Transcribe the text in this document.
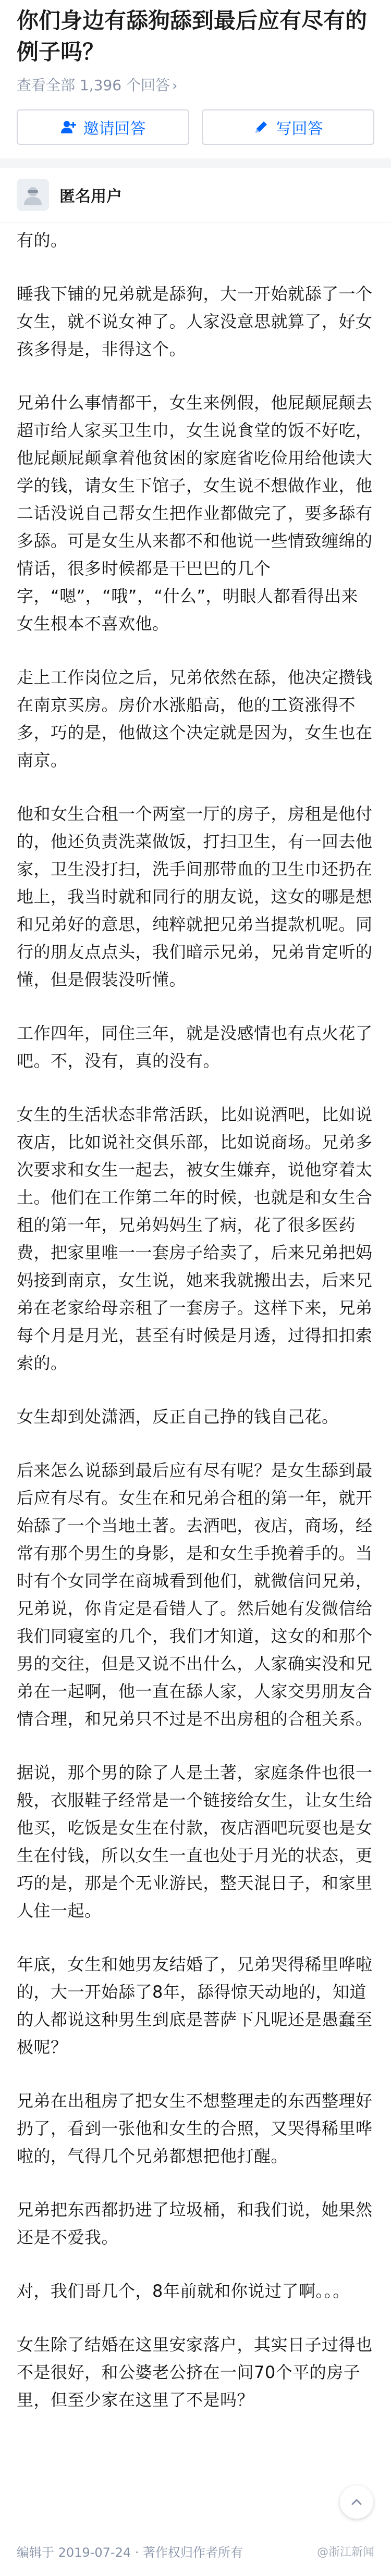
你们身边有舔狗舔到最后应有尽有的例子吗？
查看全部 1,396 个回答 ›
邀请回答	写回答
匿名用户

有的。

睡我下铺的兄弟就是舔狗，大一开始就舔了一个女生，就不说女神了。人家没意思就算了，好女孩多得是，非得这个。

兄弟什么事情都干，女生来例假，他屁颠屁颠去超市给人家买卫生巾，女生说食堂的饭不好吃，他屁颠屁颠拿着他贫困的家庭省吃俭用给他读大学的钱，请女生下馆子，女生说不想做作业，他二话没说自己帮女生把作业都做完了，要多舔有多舔。可是女生从来都不和他说一些情致缠绵的情话，很多时候都是干巴巴的几个字，“嗯”，“哦”，“什么”，明眼人都看得出来女生根本不喜欢他。

走上工作岗位之后，兄弟依然在舔，他决定攒钱在南京买房。房价水涨船高，他的工资涨得不多，巧的是，他做这个决定就是因为，女生也在南京。

他和女生合租一个两室一厅的房子，房租是他付的，他还负责洗菜做饭，打扫卫生，有一回去他家，卫生没打扫，洗手间那带血的卫生巾还扔在地上，我当时就和同行的朋友说，这女的哪是想和兄弟好的意思，纯粹就把兄弟当提款机呢。同行的朋友点点头，我们暗示兄弟，兄弟肯定听的懂，但是假装没听懂。

工作四年，同住三年，就是没感情也有点火花了吧。不，没有，真的没有。

女生的生活状态非常活跃，比如说酒吧，比如说夜店，比如说社交俱乐部，比如说商场。兄弟多次要求和女生一起去，被女生嫌弃，说他穿着太土。他们在工作第二年的时候，也就是和女生合租的第一年，兄弟妈妈生了病，花了很多医药费，把家里唯一一套房子给卖了，后来兄弟把妈妈接到南京，女生说，她来我就搬出去，后来兄弟在老家给母亲租了一套房子。这样下来，兄弟每个月是月光，甚至有时候是月透，过得扣扣索索的。

女生却到处潇洒，反正自己挣的钱自己花。

后来怎么说舔到最后应有尽有呢？是女生舔到最后应有尽有。女生在和兄弟合租的第一年，就开始舔了一个当地土著。去酒吧，夜店，商场，经常有那个男生的身影，是和女生手挽着手的。当时有个女同学在商城看到他们，就微信问兄弟，兄弟说，你肯定是看错人了。然后她有发微信给我们同寝室的几个，我们才知道，这女的和那个男的交往，但是又说不出什么，人家确实没和兄弟在一起啊，他一直在舔人家，人家交男朋友合情合理，和兄弟只不过是不出房租的合租关系。

据说，那个男的除了人是土著，家庭条件也很一般，衣服鞋子经常是一个链接给女生，让女生给他买，吃饭是女生在付款，夜店酒吧玩耍也是女生在付钱，所以女生一直也处于月光的状态，更巧的是，那是个无业游民，整天混日子，和家里人住一起。

年底，女生和她男友结婚了，兄弟哭得稀里哗啦的，大一开始舔了8年，舔得惊天动地的，知道的人都说这种男生到底是菩萨下凡呢还是愚蠢至极呢？

兄弟在出租房了把女生不想整理走的东西整理好扔了，看到一张他和女生的合照，又哭得稀里哗啦的，气得几个兄弟都想把他打醒。

兄弟把东西都扔进了垃圾桶，和我们说，她果然还是不爱我。

对，我们哥几个，8年前就和你说过了啊。。。

女生除了结婚在这里安家落户，其实日子过得也不是很好，和公婆老公挤在一间70个平的房子里，但至少家在这里了不是吗？

编辑于 2019-07-24 · 著作权归作者所有	@浙江新闻
